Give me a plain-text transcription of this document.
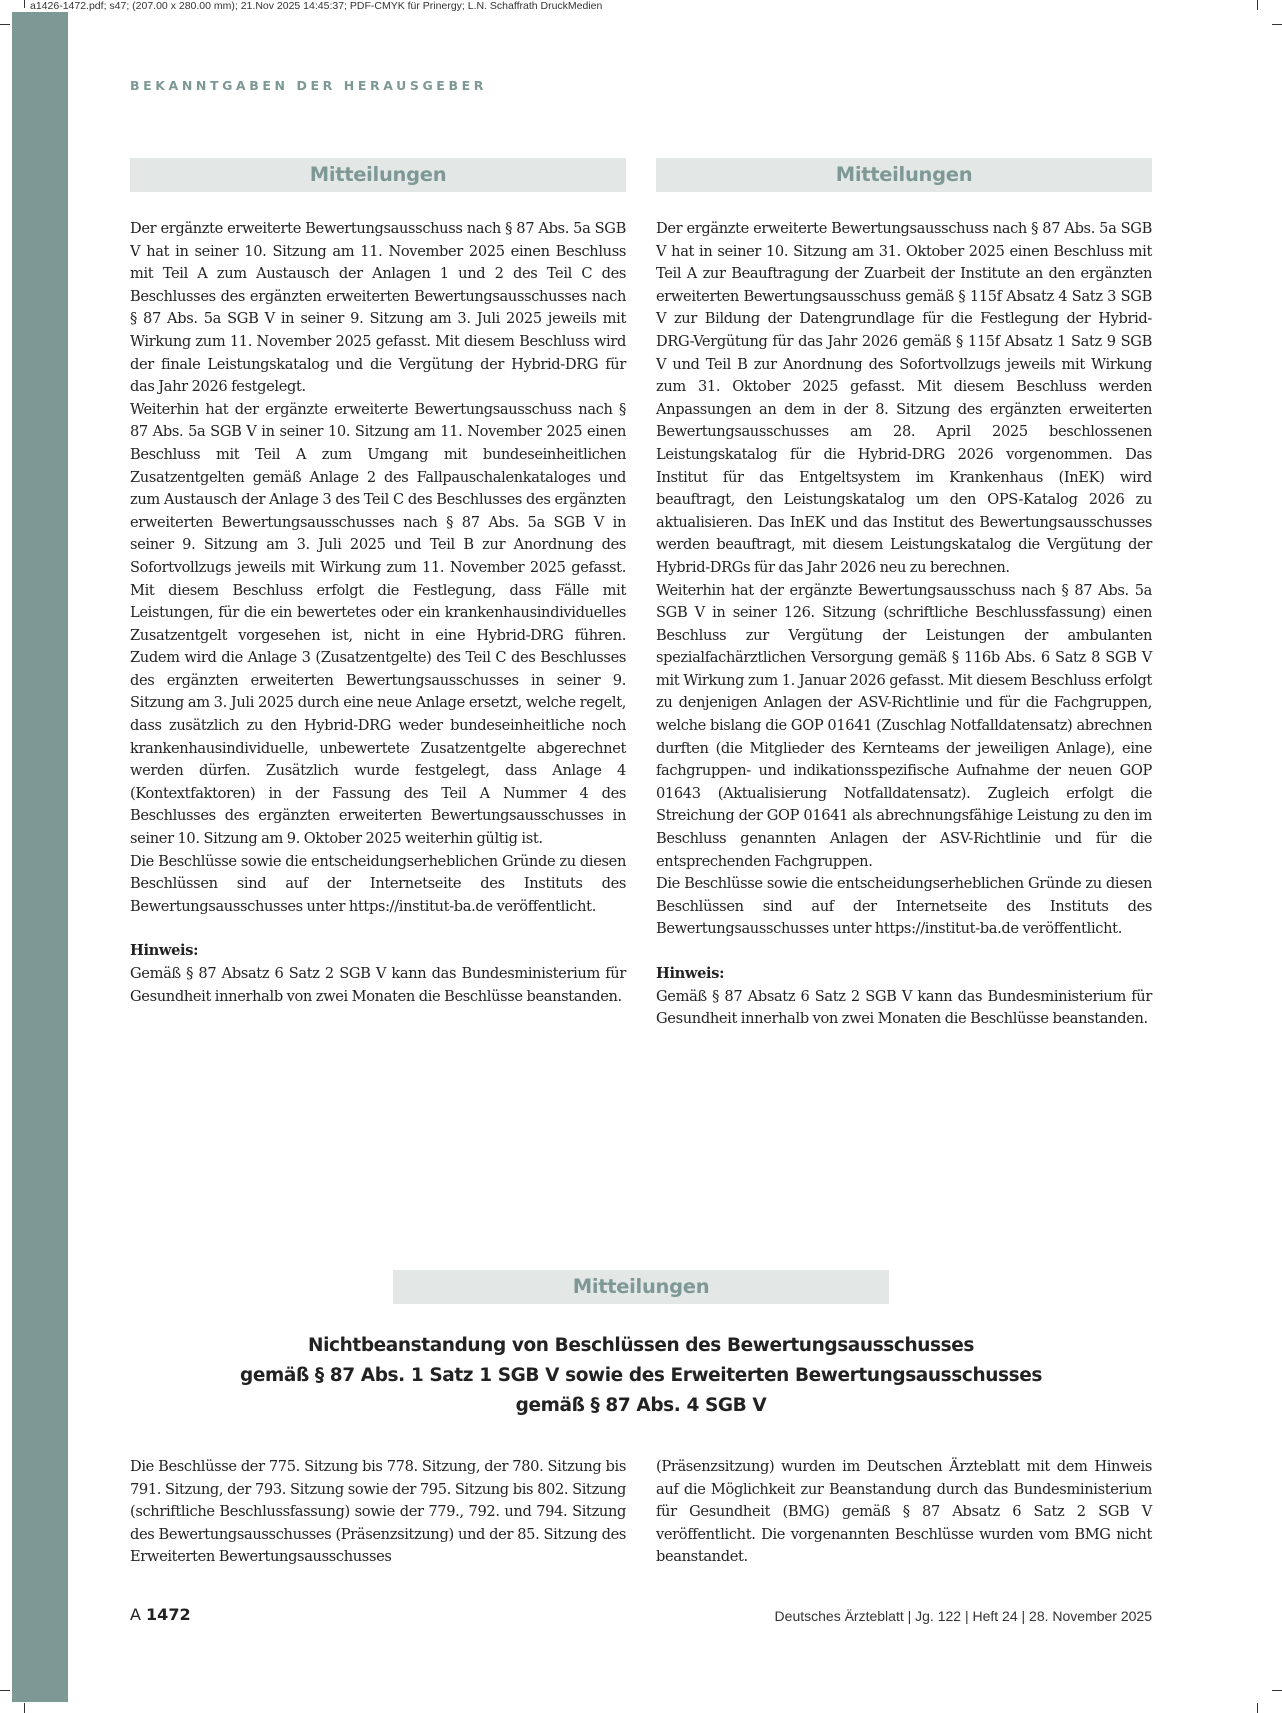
a1426-1472.pdf; s47; (207.00 x 280.00 mm); 21.Nov 2025 14:45:37; PDF-CMYK für Prinergy; L.N. Schaffrath DruckMedien
BEKANNTGABEN DER HERAUSGEBER
Mitteilungen

Der ergänzte erweiterte Bewertungsausschuss nach § 87 Abs. 5a SGB V hat in seiner 10. Sitzung am 11. November 2025 einen Beschluss mit Teil A zum Austausch der Anlagen 1 und 2 des Teil C des Beschlusses des ergänzten erweiterten Bewertungsausschusses nach § 87 Abs. 5a SGB V in seiner 9. Sitzung am 3. Juli 2025 jeweils mit Wirkung zum 11. November 2025 gefasst. Mit diesem Beschluss wird der finale Leistungskatalog und die Vergütung der Hybrid-DRG für das Jahr 2026 festgelegt.

Weiterhin hat der ergänzte erweiterte Bewertungsausschuss nach § 87 Abs. 5a SGB V in seiner 10. Sitzung am 11. November 2025 einen Beschluss mit Teil A zum Umgang mit bundeseinheitlichen Zusatzentgelten gemäß Anlage 2 des Fallpauschalenkataloges und zum Austausch der Anlage 3 des Teil C des Beschlusses des ergänzten erweiterten Bewertungsausschusses nach § 87 Abs. 5a SGB V in seiner 9. Sitzung am 3. Juli 2025 und Teil B zur Anordnung des Sofortvollzugs jeweils mit Wirkung zum 11. November 2025 gefasst. Mit diesem Beschluss erfolgt die Festlegung, dass Fälle mit Leistungen, für die ein bewertetes oder ein krankenhausindividuelles Zusatzentgelt vorgesehen ist, nicht in eine Hybrid-DRG führen. Zudem wird die Anlage 3 (Zusatzentgelte) des Teil C des Beschlusses des ergänzten erweiterten Bewertungsausschusses in seiner 9. Sitzung am 3. Juli 2025 durch eine neue Anlage ersetzt, welche regelt, dass zusätzlich zu den Hybrid-DRG weder bundeseinheitliche noch krankenhausindividuelle, unbewertete Zusatzentgelte abgerechnet werden dürfen. Zusätzlich wurde festgelegt, dass Anlage 4 (Kontextfaktoren) in der Fassung des Teil A Nummer 4 des Beschlusses des ergänzten erweiterten Bewertungsausschusses in seiner 10. Sitzung am 9. Oktober 2025 weiterhin gültig ist.

Die Beschlüsse sowie die entscheidungserheblichen Gründe zu diesen Beschlüssen sind auf der Internetseite des Instituts des Bewertungsausschusses unter https://institut-ba.de veröffentlicht.

Hinweis:

Gemäß § 87 Absatz 6 Satz 2 SGB V kann das Bundesministerium für Gesundheit innerhalb von zwei Monaten die Beschlüsse beanstanden.

Mitteilungen

Der ergänzte erweiterte Bewertungsausschuss nach § 87 Abs. 5a SGB V hat in seiner 10. Sitzung am 31. Oktober 2025 einen Beschluss mit Teil A zur Beauftragung der Zuarbeit der Institute an den ergänzten erweiterten Bewertungsausschuss gemäß § 115f Absatz 4 Satz 3 SGB V zur Bildung der Datengrundlage für die Festlegung der Hybrid-DRG-Vergütung für das Jahr 2026 gemäß § 115f Absatz 1 Satz 9 SGB V und Teil B zur Anordnung des Sofortvollzugs jeweils mit Wirkung zum 31. Oktober 2025 gefasst. Mit diesem Beschluss werden Anpassungen an dem in der 8. Sitzung des ergänzten erweiterten Bewertungsausschusses am 28. April 2025 beschlossenen Leistungskatalog für die Hybrid-DRG 2026 vorgenommen. Das Institut für das Entgeltsystem im Krankenhaus (InEK) wird beauftragt, den Leistungskatalog um den OPS-Katalog 2026 zu aktualisieren. Das InEK und das Institut des Bewertungsausschusses werden beauftragt, mit diesem Leistungskatalog die Vergütung der Hybrid-DRGs für das Jahr 2026 neu zu berechnen.

Weiterhin hat der ergänzte Bewertungsausschuss nach § 87 Abs. 5a SGB V in seiner 126. Sitzung (schriftliche Beschlussfassung) einen Beschluss zur Vergütung der Leistungen der ambulanten spezialfachärztlichen Versorgung gemäß § 116b Abs. 6 Satz 8 SGB V mit Wirkung zum 1. Januar 2026 gefasst. Mit diesem Beschluss erfolgt zu denjenigen Anlagen der ASV-Richtlinie und für die Fachgruppen, welche bislang die GOP 01641 (Zuschlag Notfalldatensatz) abrechnen durften (die Mitglieder des Kernteams der jeweiligen Anlage), eine fachgruppen- und indikationsspezifische Aufnahme der neuen GOP 01643 (Aktualisierung Notfalldatensatz). Zugleich erfolgt die Streichung der GOP 01641 als abrechnungsfähige Leistung zu den im Beschluss genannten Anlagen der ASV-Richtlinie und für die entsprechenden Fachgruppen.

Die Beschlüsse sowie die entscheidungserheblichen Gründe zu diesen Beschlüssen sind auf der Internetseite des Instituts des Bewertungsausschusses unter https://institut-ba.de veröffentlicht.

Hinweis:

Gemäß § 87 Absatz 6 Satz 2 SGB V kann das Bundesministerium für Gesundheit innerhalb von zwei Monaten die Beschlüsse beanstanden.

Mitteilungen
Nichtbeanstandung von Beschlüssen des Bewertungsausschusses
gemäß § 87 Abs. 1 Satz 1 SGB V sowie des Erweiterten Bewertungsausschusses
gemäß § 87 Abs. 4 SGB V
Die Beschlüsse der 775. Sitzung bis 778. Sitzung, der 780. Sitzung bis 791. Sitzung, der 793. Sitzung sowie der 795. Sitzung bis 802. Sitzung (schriftliche Beschlussfassung) sowie der 779., 792. und 794. Sitzung des Bewertungsausschusses (Präsenzsitzung) und der 85. Sitzung des Erweiterten Bewertungsausschusses
(Präsenzsitzung) wurden im Deutschen Ärzteblatt mit dem Hinweis auf die Möglichkeit zur Beanstandung durch das Bundesministerium für Gesundheit (BMG) gemäß § 87 Absatz 6 Satz 2 SGB V veröffentlicht. Die vorgenannten Beschlüsse wurden vom BMG nicht beanstandet.
A 1472	Deutsches Ärzteblatt | Jg. 122 | Heft 24 | 28. November 2025
